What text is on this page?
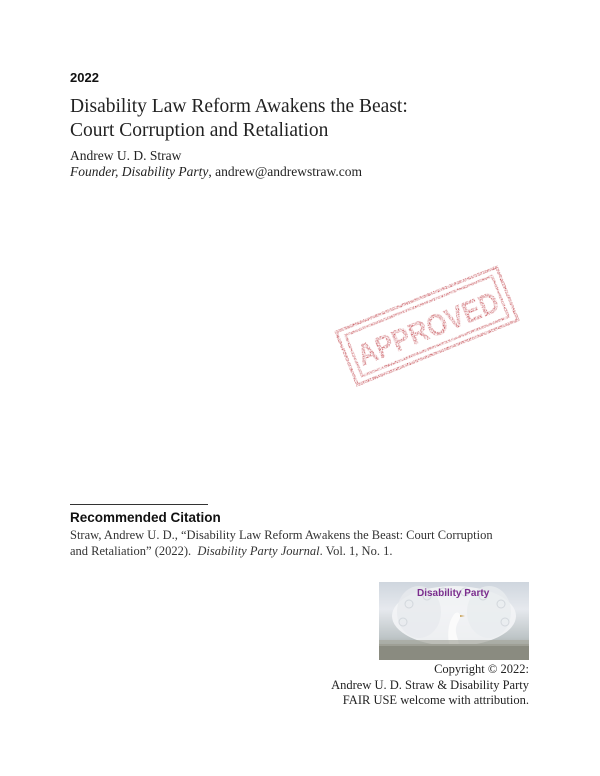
2022
Disability Law Reform Awakens the Beast:
Court Corruption and Retaliation
Andrew U. D. Straw
Founder, Disability Party, andrew@andrewstraw.com
APPROVED
Recommended Citation
Straw, Andrew U. D., “Disability Law Reform Awakens the Beast: Court Corruption
and Retaliation” (2022).  Disability Party Journal. Vol. 1, No. 1.
Disability Party
Copyright © 2022:
Andrew U. D. Straw & Disability Party
FAIR USE welcome with attribution.
